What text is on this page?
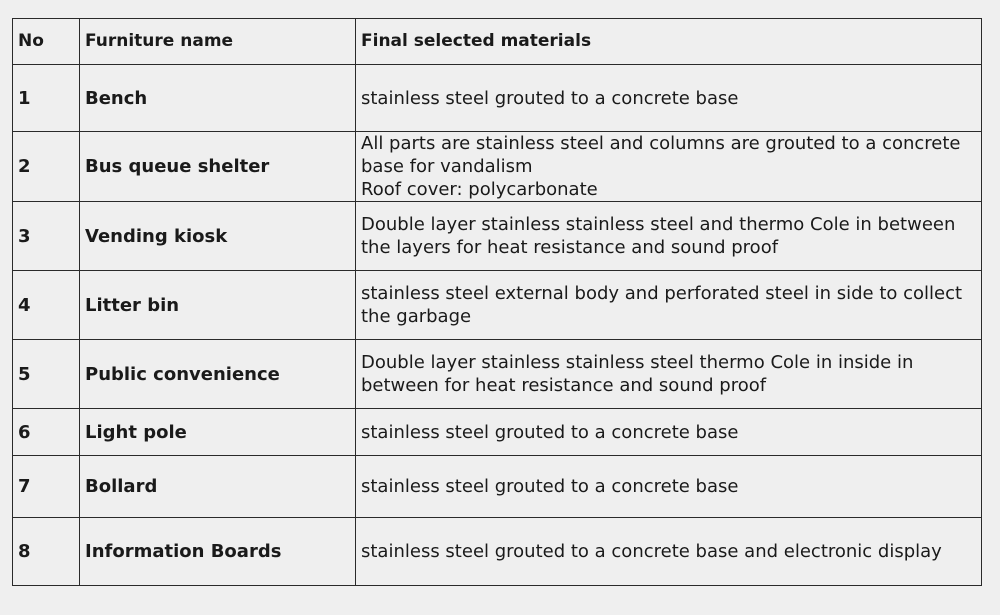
No	Furniture name	Final selected materials
1	Bench	stainless steel grouted to a concrete base
2	Bus queue shelter	All parts are stainless steel and columns are grouted to a concrete base for vandalism
Roof cover: polycarbonate
3	Vending kiosk	Double layer stainless stainless steel and thermo Cole in between the layers for heat resistance and sound proof
4	Litter bin	stainless steel external body and perforated steel in side to collect the garbage
5	Public convenience	Double layer stainless stainless steel thermo Cole in inside in between for heat resistance and sound proof
6	Light pole	stainless steel grouted to a concrete base
7	Bollard	stainless steel grouted to a concrete base
8	Information Boards	stainless steel grouted to a concrete base and electronic display
